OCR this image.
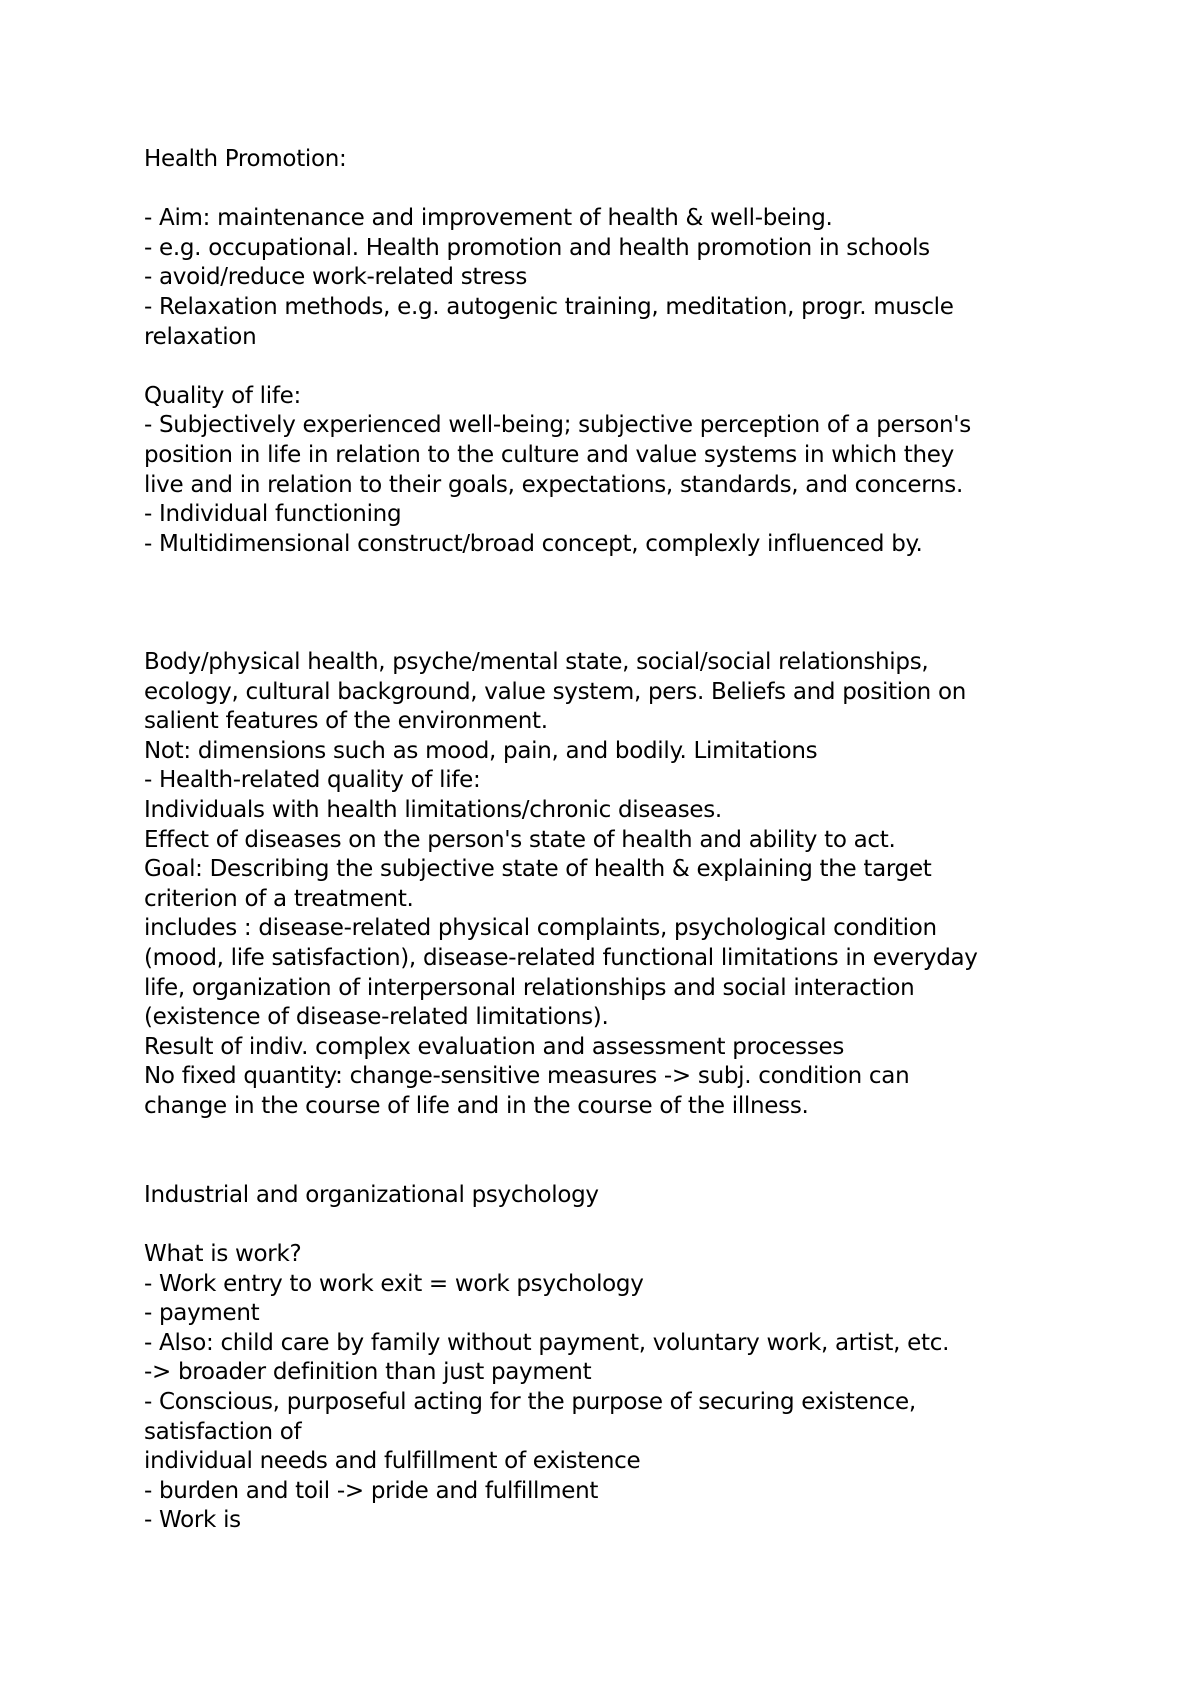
Health Promotion:
- Aim: maintenance and improvement of health & well-being.
- e.g. occupational. Health promotion and health promotion in schools
- avoid/reduce work-related stress
- Relaxation methods, e.g. autogenic training, meditation, progr. muscle
relaxation
Quality of life:
- Subjectively experienced well-being; subjective perception of a person's
position in life in relation to the culture and value systems in which they
live and in relation to their goals, expectations, standards, and concerns.
- Individual functioning
- Multidimensional construct/broad concept, complexly influenced by.
Body/physical health, psyche/mental state, social/social relationships,
ecology, cultural background, value system, pers. Beliefs and position on
salient features of the environment.
Not: dimensions such as mood, pain, and bodily. Limitations
- Health-related quality of life:
Individuals with health limitations/chronic diseases.
Effect of diseases on the person's state of health and ability to act.
Goal: Describing the subjective state of health & explaining the target
criterion of a treatment.
includes : disease-related physical complaints, psychological condition
(mood, life satisfaction), disease-related functional limitations in everyday
life, organization of interpersonal relationships and social interaction
(existence of disease-related limitations).
Result of indiv. complex evaluation and assessment processes
No fixed quantity: change-sensitive measures -> subj. condition can
change in the course of life and in the course of the illness.
Industrial and organizational psychology
What is work?
- Work entry to work exit = work psychology
- payment
- Also: child care by family without payment, voluntary work, artist, etc.
-> broader definition than just payment
- Conscious, purposeful acting for the purpose of securing existence,
satisfaction of
individual needs and fulfillment of existence
- burden and toil -> pride and fulfillment
- Work is
